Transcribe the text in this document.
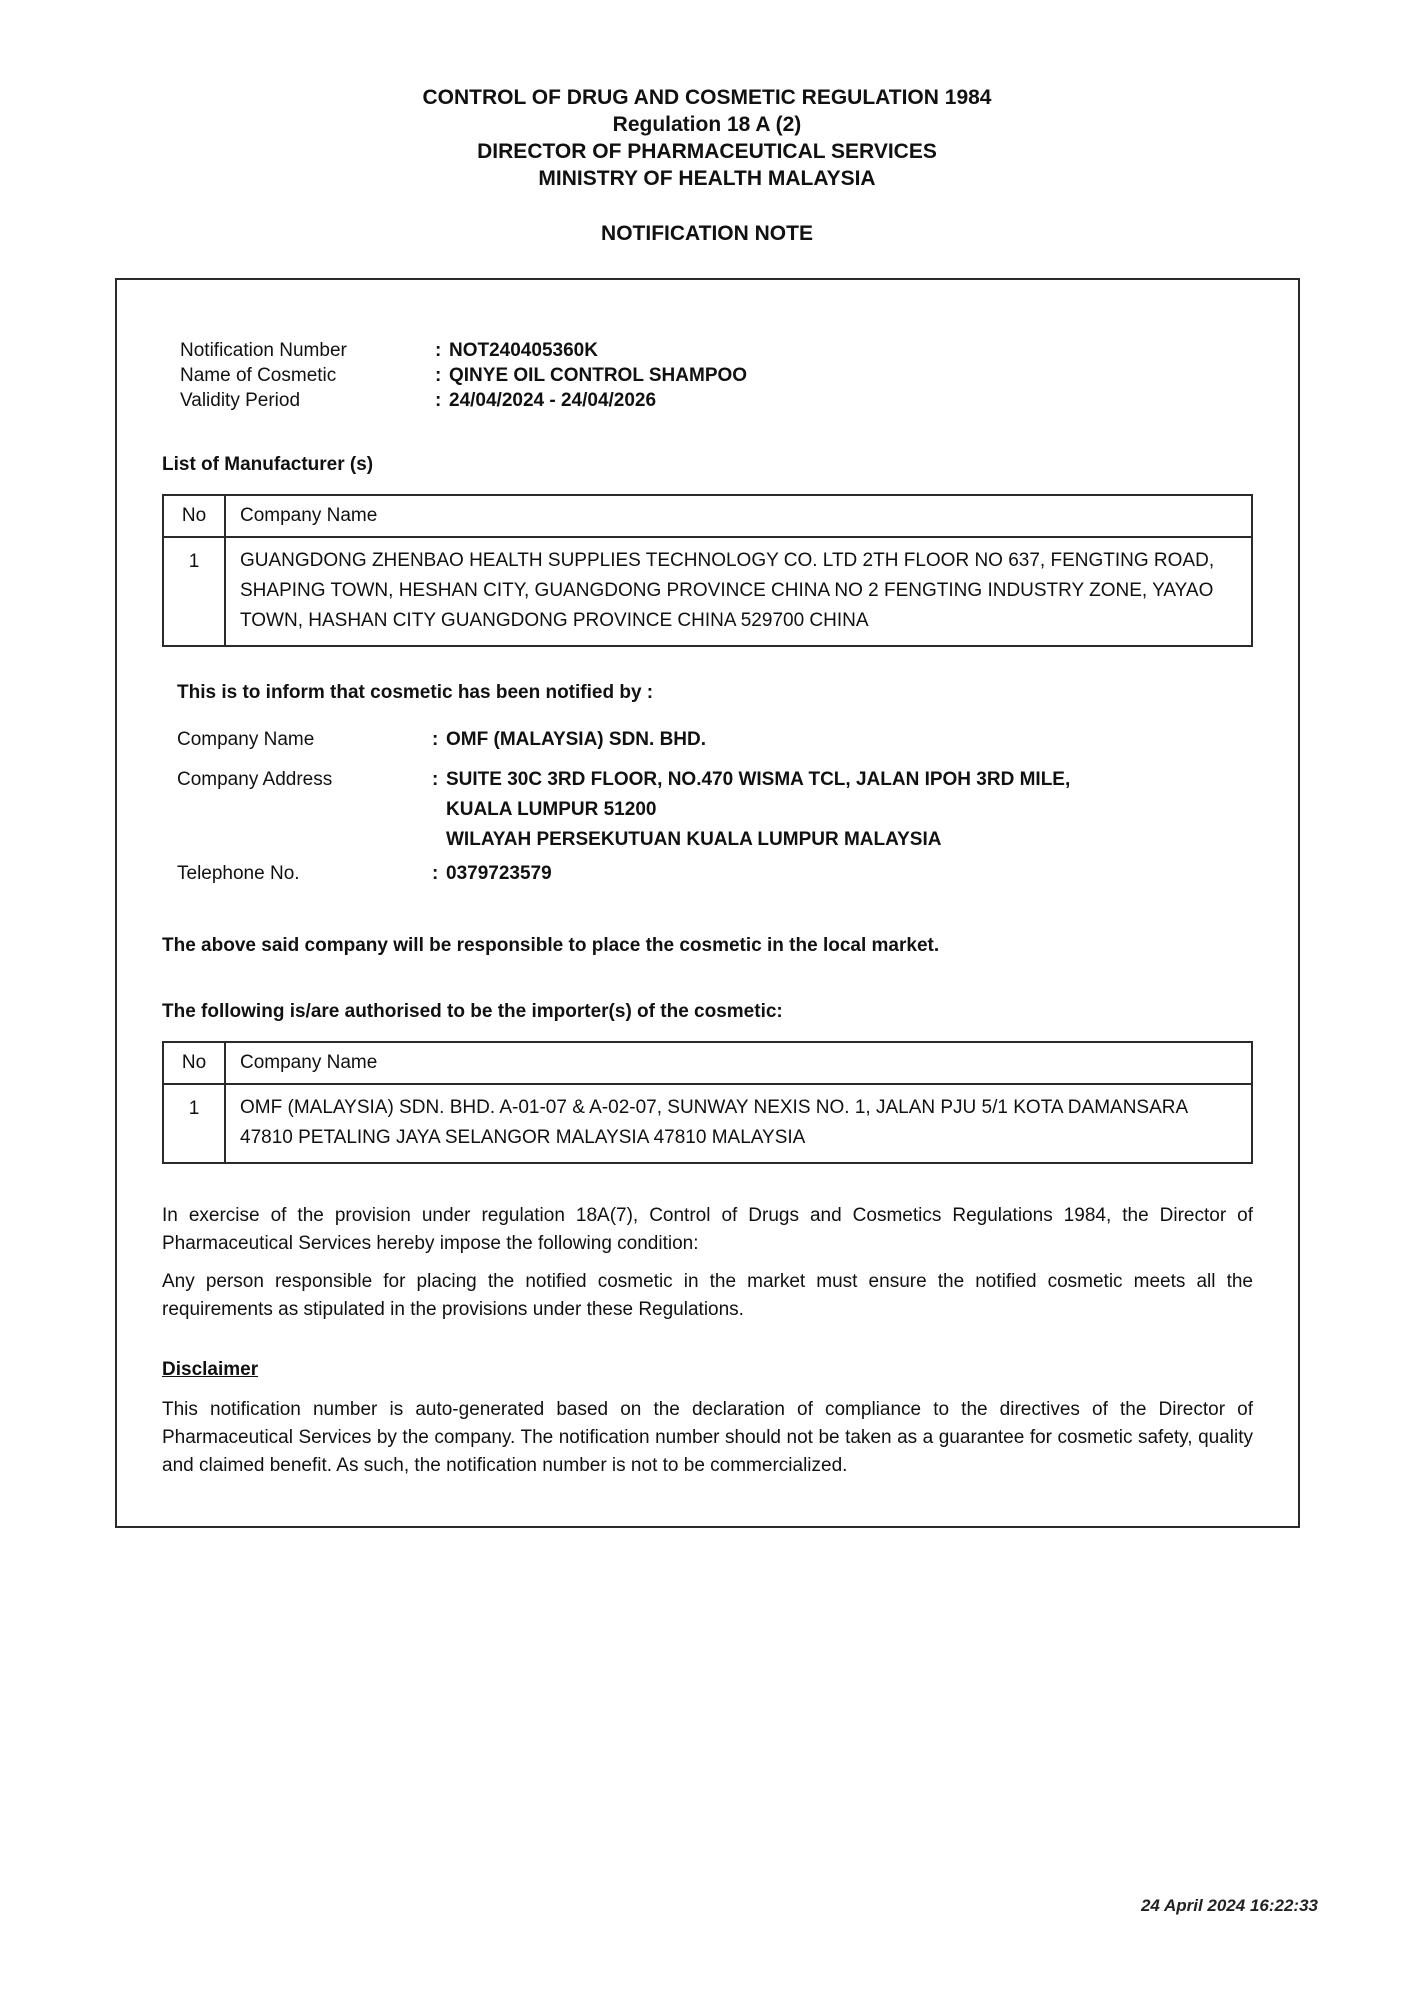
CONTROL OF DRUG AND COSMETIC REGULATION 1984
Regulation 18 A (2)
DIRECTOR OF PHARMACEUTICAL SERVICES
MINISTRY OF HEALTH MALAYSIA
NOTIFICATION NOTE
Notification Number :	NOT240405360K
Name of Cosmetic :	QINYE OIL CONTROL SHAMPOO
Validity Period :	24/04/2024 - 24/04/2026
List of Manufacturer (s)
No	Company Name
1	GUANGDONG ZHENBAO HEALTH SUPPLIES TECHNOLOGY CO. LTD 2TH FLOOR NO 637, FENGTING ROAD, SHAPING TOWN, HESHAN CITY, GUANGDONG PROVINCE CHINA NO 2 FENGTING INDUSTRY ZONE, YAYAO TOWN, HASHAN CITY GUANGDONG PROVINCE CHINA 529700 CHINA
This is to inform that cosmetic has been notified by :
Company Name :	OMF (MALAYSIA) SDN. BHD.
Company Address :	SUITE 30C 3RD FLOOR, NO.470 WISMA TCL, JALAN IPOH 3RD MILE,
KUALA LUMPUR 51200
WILAYAH PERSEKUTUAN KUALA LUMPUR MALAYSIA
Telephone No. :	0379723579
The above said company will be responsible to place the cosmetic in the local market.
The following is/are authorised to be the importer(s) of the cosmetic:
No	Company Name
1	OMF (MALAYSIA) SDN. BHD. A-01-07 & A-02-07, SUNWAY NEXIS NO. 1, JALAN PJU 5/1 KOTA DAMANSARA 47810 PETALING JAYA SELANGOR MALAYSIA 47810 MALAYSIA
In exercise of the provision under regulation 18A(7), Control of Drugs and Cosmetics Regulations 1984, the Director of Pharmaceutical Services hereby impose the following condition:
Any person responsible for placing the notified cosmetic in the market must ensure the notified cosmetic meets all the requirements as stipulated in the provisions under these Regulations.
Disclaimer
This notification number is auto-generated based on the declaration of compliance to the directives of the Director of Pharmaceutical Services by the company. The notification number should not be taken as a guarantee for cosmetic safety, quality and claimed benefit. As such, the notification number is not to be commercialized.
24 April 2024 16:22:33
